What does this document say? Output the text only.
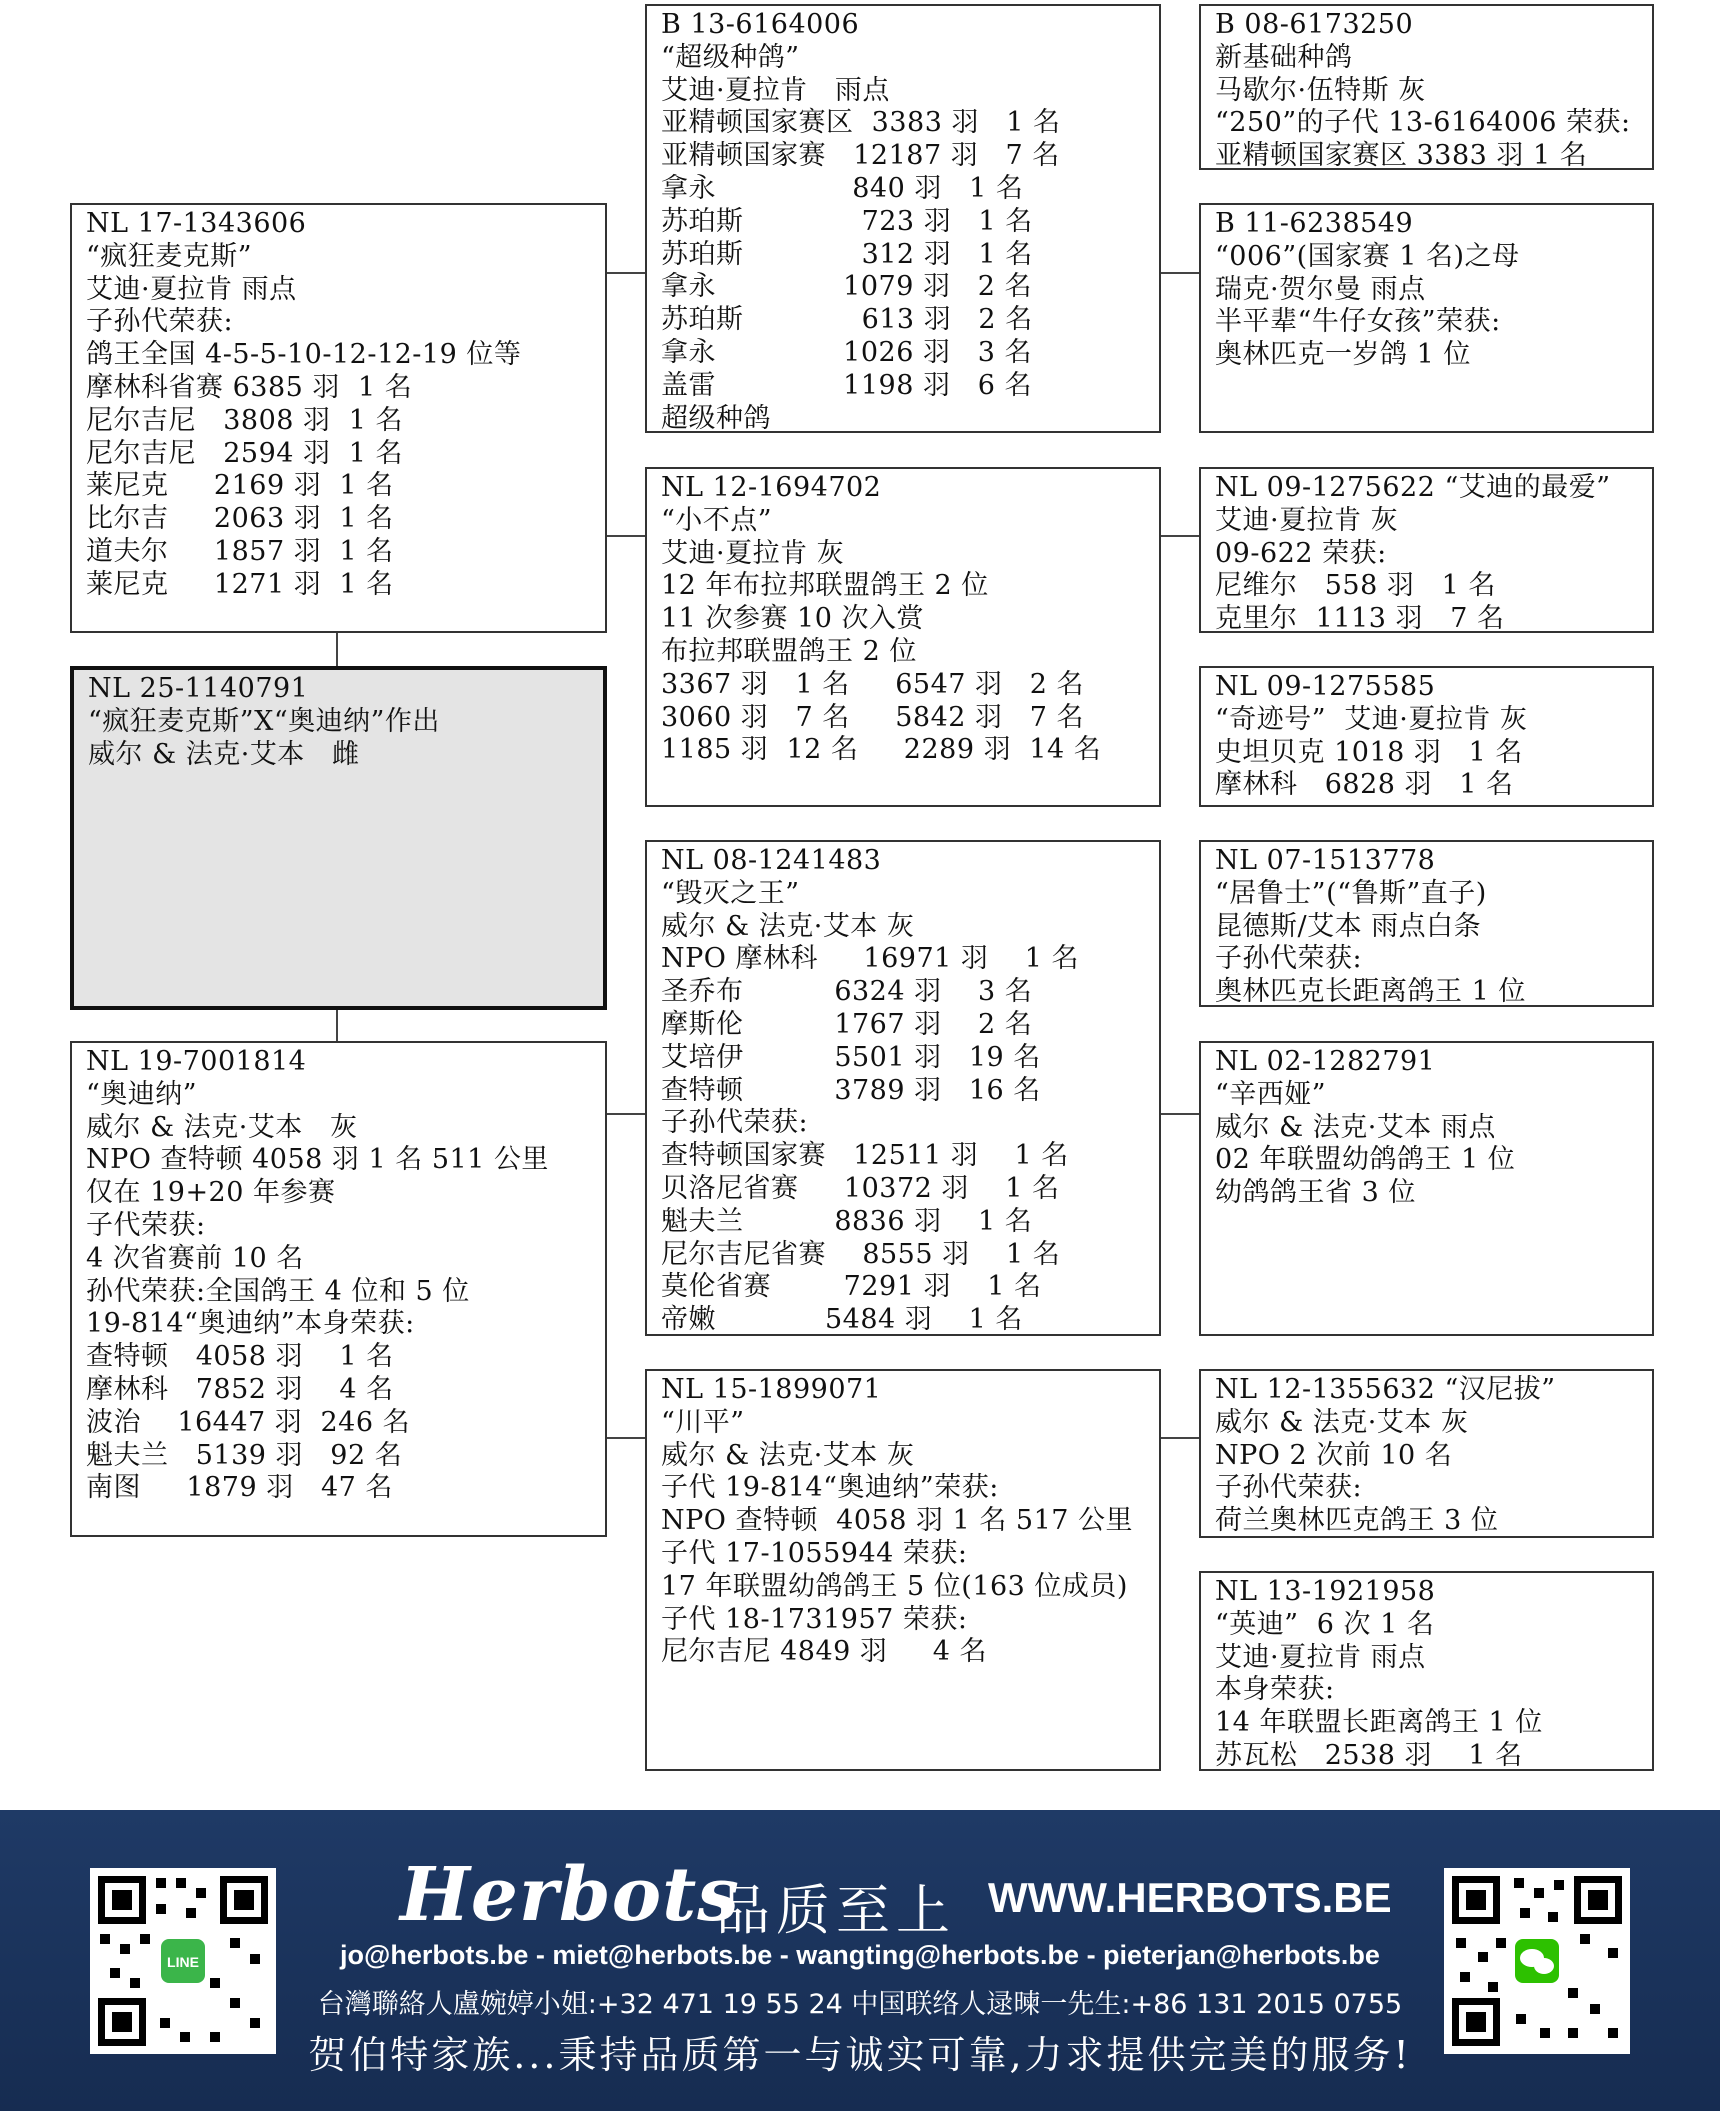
NL 25-1140791
“疯狂麦克斯”X“奥迪纳”作出
威尔 & 法克·艾本   雌
NL 17-1343606
“疯狂麦克斯”
艾迪·夏拉肯 雨点
子孙代荣获:
鸽王全国 4-5-5-10-12-12-19 位等
摩林科省赛 6385 羽  1 名
尼尔吉尼   3808 羽  1 名
尼尔吉尼   2594 羽  1 名
莱尼克     2169 羽  1 名
比尔吉     2063 羽  1 名
道夫尔     1857 羽  1 名
莱尼克     1271 羽  1 名
NL 19-7001814
“奥迪纳”
威尔 & 法克·艾本   灰
NPO 查特顿 4058 羽 1 名 511 公里
仅在 19+20 年参赛
子代荣获:
4 次省赛前 10 名
孙代荣获:全国鸽王 4 位和 5 位
19-814“奥迪纳”本身荣获:
查特顿   4058 羽    1 名
摩林科   7852 羽    4 名
波治    16447 羽  246 名
魁夫兰   5139 羽   92 名
南图     1879 羽   47 名
B 13-6164006
“超级种鸽”
艾迪·夏拉肯   雨点
亚精顿国家赛区  3383 羽   1 名
亚精顿国家赛   12187 羽   7 名
拿永               840 羽   1 名
苏珀斯             723 羽   1 名
苏珀斯             312 羽   1 名
拿永              1079 羽   2 名
苏珀斯             613 羽   2 名
拿永              1026 羽   3 名
盖雷              1198 羽   6 名
超级种鸽
NL 12-1694702
“小不点”
艾迪·夏拉肯 灰
12 年布拉邦联盟鸽王 2 位
11 次参赛 10 次入赏
布拉邦联盟鸽王 2 位
3367 羽   1 名     6547 羽   2 名
3060 羽   7 名     5842 羽   7 名
1185 羽  12 名     2289 羽  14 名
NL 08-1241483
“毁灭之王”
威尔 & 法克·艾本 灰
NPO 摩林科     16971 羽    1 名
圣乔布          6324 羽    3 名
摩斯伦          1767 羽    2 名
艾培伊          5501 羽   19 名
查特顿          3789 羽   16 名
子孙代荣获:
查特顿国家赛   12511 羽    1 名
贝洛尼省赛     10372 羽    1 名
魁夫兰          8836 羽    1 名
尼尔吉尼省赛    8555 羽    1 名
莫伦省赛        7291 羽    1 名
帝嫩            5484 羽    1 名
NL 15-1899071
“川平”
威尔 & 法克·艾本 灰
子代 19-814“奥迪纳”荣获:
NPO 查特顿  4058 羽 1 名 517 公里
子代 17-1055944 荣获:
17 年联盟幼鸽鸽王 5 位(163 位成员)
子代 18-1731957 荣获:
尼尔吉尼 4849 羽     4 名
B 08-6173250
新基础种鸽
马歇尔·伍特斯 灰
“250”的子代 13-6164006 荣获:
亚精顿国家赛区 3383 羽 1 名
B 11-6238549
“006”(国家赛 1 名)之母
瑞克·贺尔曼 雨点
半平辈“牛仔女孩”荣获:
奥林匹克一岁鸽 1 位
NL 09-1275622 “艾迪的最爱”
艾迪·夏拉肯 灰
09-622 荣获:
尼维尔   558 羽   1 名
克里尔  1113 羽   7 名
NL 09-1275585
“奇迹号”  艾迪·夏拉肯 灰
史坦贝克 1018 羽   1 名
摩林科   6828 羽   1 名
NL 07-1513778
“居鲁士”(“鲁斯”直子)
昆德斯/艾本 雨点白条
子孙代荣获:
奥林匹克长距离鸽王 1 位
NL 02-1282791
“辛西娅”
威尔 & 法克·艾本 雨点
02 年联盟幼鸽鸽王 1 位
幼鸽鸽王省 3 位
NL 12-1355632 “汉尼拔”
威尔 & 法克·艾本 灰
NPO 2 次前 10 名
子孙代荣获:
荷兰奥林匹克鸽王 3 位
NL 13-1921958
“英迪”  6 次 1 名
艾迪·夏拉肯 雨点
本身荣获:
14 年联盟长距离鸽王 1 位
苏瓦松   2538 羽    1 名
LINE
Herbots
品质至上 WWW.HERBOTS.BE
jo@herbots.be - miet@herbots.be - wangting@herbots.be - pieterjan@herbots.be
台灣聯絡人盧婉婷小姐:+32 471 19 55 24 中国联络人逯暕一先生:+86 131 2015 0755
贺伯特家族...秉持品质第一与诚实可靠,力求提供完美的服务!
